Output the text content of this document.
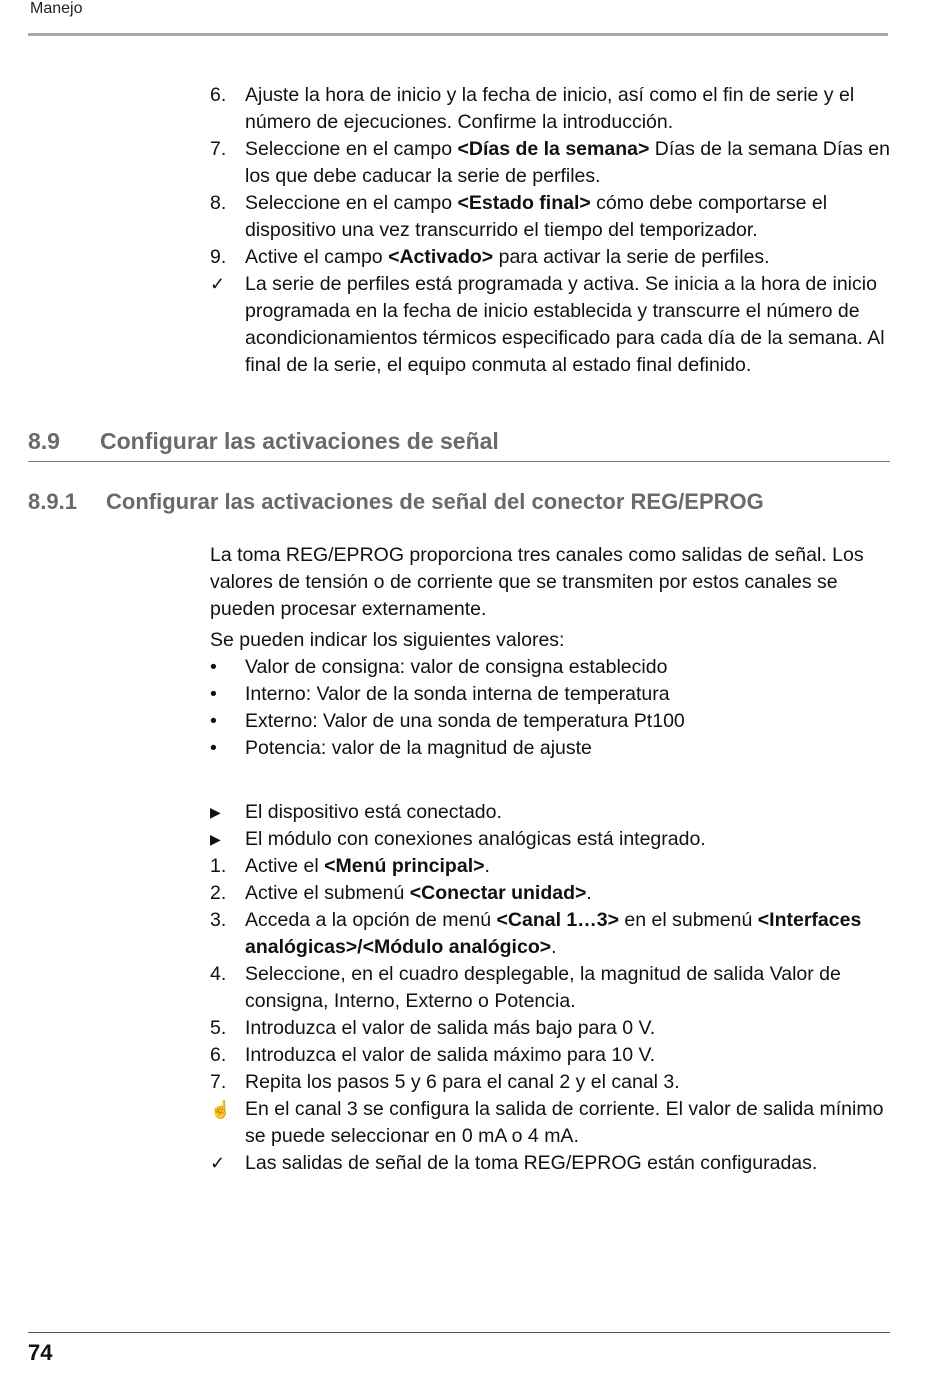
Manejo
6. Ajuste la hora de inicio y la fecha de inicio, así como el fin de serie y el número de ejecuciones. Confirme la introducción.
7. Seleccione en el campo <Días de la semana> Días de la semana Días en los que debe caducar la serie de perfiles.
8. Seleccione en el campo <Estado final> cómo debe comportarse el dispositivo una vez transcurrido el tiempo del temporizador.
9. Active el campo <Activado> para activar la serie de perfiles.
✓	La serie de perfiles está programada y activa. Se inicia a la hora de inicio programada en la fecha de inicio establecida y transcurre el número de acondicionamientos térmicos especificado para cada día de la semana. Al final de la serie, el equipo conmuta al estado final definido.
8.9 Configurar las activaciones de señal
8.9.1 Configurar las activaciones de señal del conector REG/EPROG

La toma REG/EPROG proporciona tres canales como salidas de señal. Los valores de tensión o de corriente que se transmiten por estos canales se pueden procesar externamente.

Se pueden indicar los siguientes valores:

•	Valor de consigna: valor de consigna establecido
•	Interno: Valor de la sonda interna de temperatura
•	Externo: Valor de una sonda de temperatura Pt100
•	Potencia: valor de la magnitud de ajuste
▶	El dispositivo está conectado.
▶	El módulo con conexiones analógicas está integrado.
1. Active el <Menú principal>.
2. Active el submenú <Conectar unidad>.
3. Acceda a la opción de menú <Canal 1…3> en el submenú <Interfaces analógicas>/<Módulo analógico>.
4. Seleccione, en el cuadro desplegable, la magnitud de salida Valor de consigna, Interno, Externo o Potencia.
5. Introduzca el valor de salida más bajo para 0 V.
6. Introduzca el valor de salida máximo para 10 V.
7. Repita los pasos 5 y 6 para el canal 2 y el canal 3.
☝ En el canal 3 se configura la salida de corriente. El valor de salida mínimo se puede seleccionar en 0 mA o 4 mA.
✓	Las salidas de señal de la toma REG/EPROG están configuradas.
74
